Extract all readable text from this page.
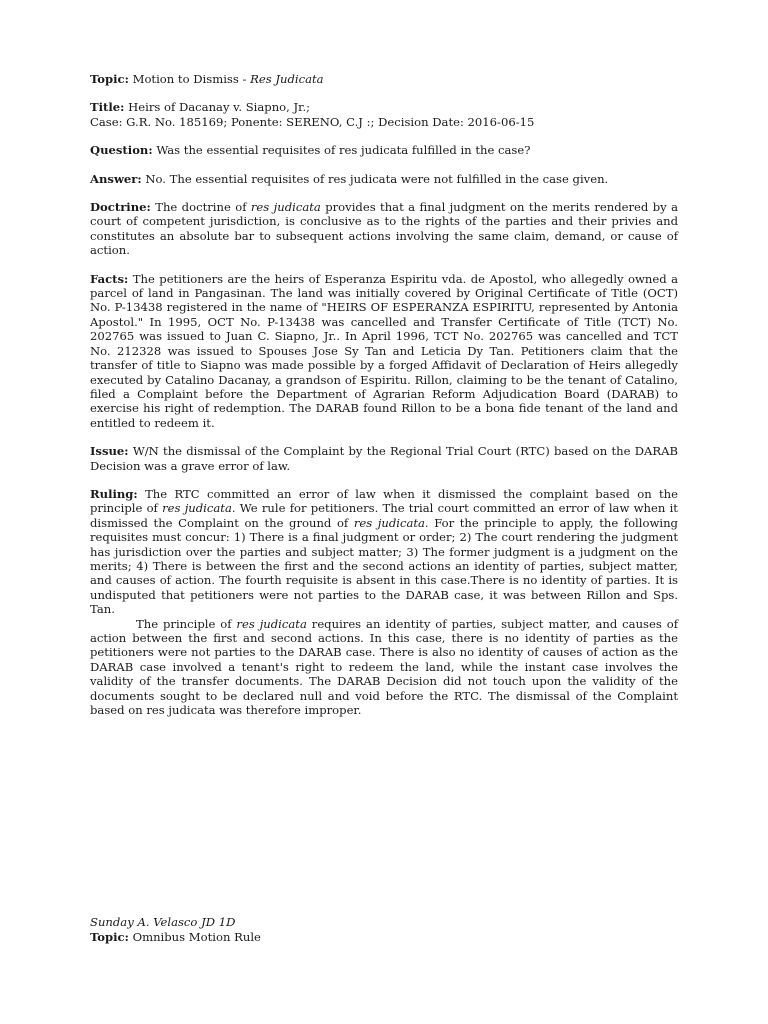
Topic: Motion to Dismiss - Res Judicata
Title: Heirs of Dacanay v. Siapno, Jr.;
Case: G.R. No. 185169; Ponente: SERENO, C.J :; Decision Date: 2016-06-15
Question: Was the essential requisites of res judicata fulfilled in the case?
Answer: No. The essential requisites of res judicata were not fulfilled in the case given.
Doctrine: The doctrine of res judicata provides that a final judgment on the merits rendered by a court of competent jurisdiction, is conclusive as to the rights of the parties and their privies and constitutes an absolute bar to subsequent actions involving the same claim, demand, or cause of action.
Facts: The petitioners are the heirs of Esperanza Espiritu vda. de Apostol, who allegedly owned a parcel of land in Pangasinan. The land was initially covered by Original Certificate of Title (OCT) No. P-13438 registered in the name of "HEIRS OF ESPERANZA ESPIRITU, represented by Antonia Apostol." In 1995, OCT No. P-13438 was cancelled and Transfer Certificate of Title (TCT) No. 202765 was issued to Juan C. Siapno, Jr.. In April 1996, TCT No. 202765 was cancelled and TCT No. 212328 was issued to Spouses Jose Sy Tan and Leticia Dy Tan. Petitioners claim that the transfer of title to Siapno was made possible by a forged Affidavit of Declaration of Heirs allegedly executed by Catalino Dacanay, a grandson of Espiritu. Rillon, claiming to be the tenant of Catalino, filed a Complaint before the Department of Agrarian Reform Adjudication Board (DARAB) to exercise his right of redemption. The DARAB found Rillon to be a bona fide tenant of the land and entitled to redeem it.
Issue: W/N the dismissal of the Complaint by the Regional Trial Court (RTC) based on the DARAB Decision was a grave error of law.
Ruling: The RTC committed an error of law when it dismissed the complaint based on the principle of res judicata. We rule for petitioners. The trial court committed an error of law when it dismissed the Complaint on the ground of res judicata. For the principle to apply, the following requisites must concur: 1) There is a final judgment or order; 2) The court rendering the judgment has jurisdiction over the parties and subject matter; 3) The former judgment is a judgment on the merits; 4) There is between the first and the second actions an identity of parties, subject matter, and causes of action. The fourth requisite is absent in this case.There is no identity of parties. It is undisputed that petitioners were not parties to the DARAB case, it was between Rillon and Sps. Tan.
The principle of res judicata requires an identity of parties, subject matter, and causes of action between the first and second actions. In this case, there is no identity of parties as the petitioners were not parties to the DARAB case. There is also no identity of causes of action as the DARAB case involved a tenant's right to redeem the land, while the instant case involves the validity of the transfer documents. The DARAB Decision did not touch upon the validity of the documents sought to be declared null and void before the RTC. The dismissal of the Complaint based on res judicata was therefore improper.
Sunday A. Velasco JD 1D
Topic: Omnibus Motion Rule
